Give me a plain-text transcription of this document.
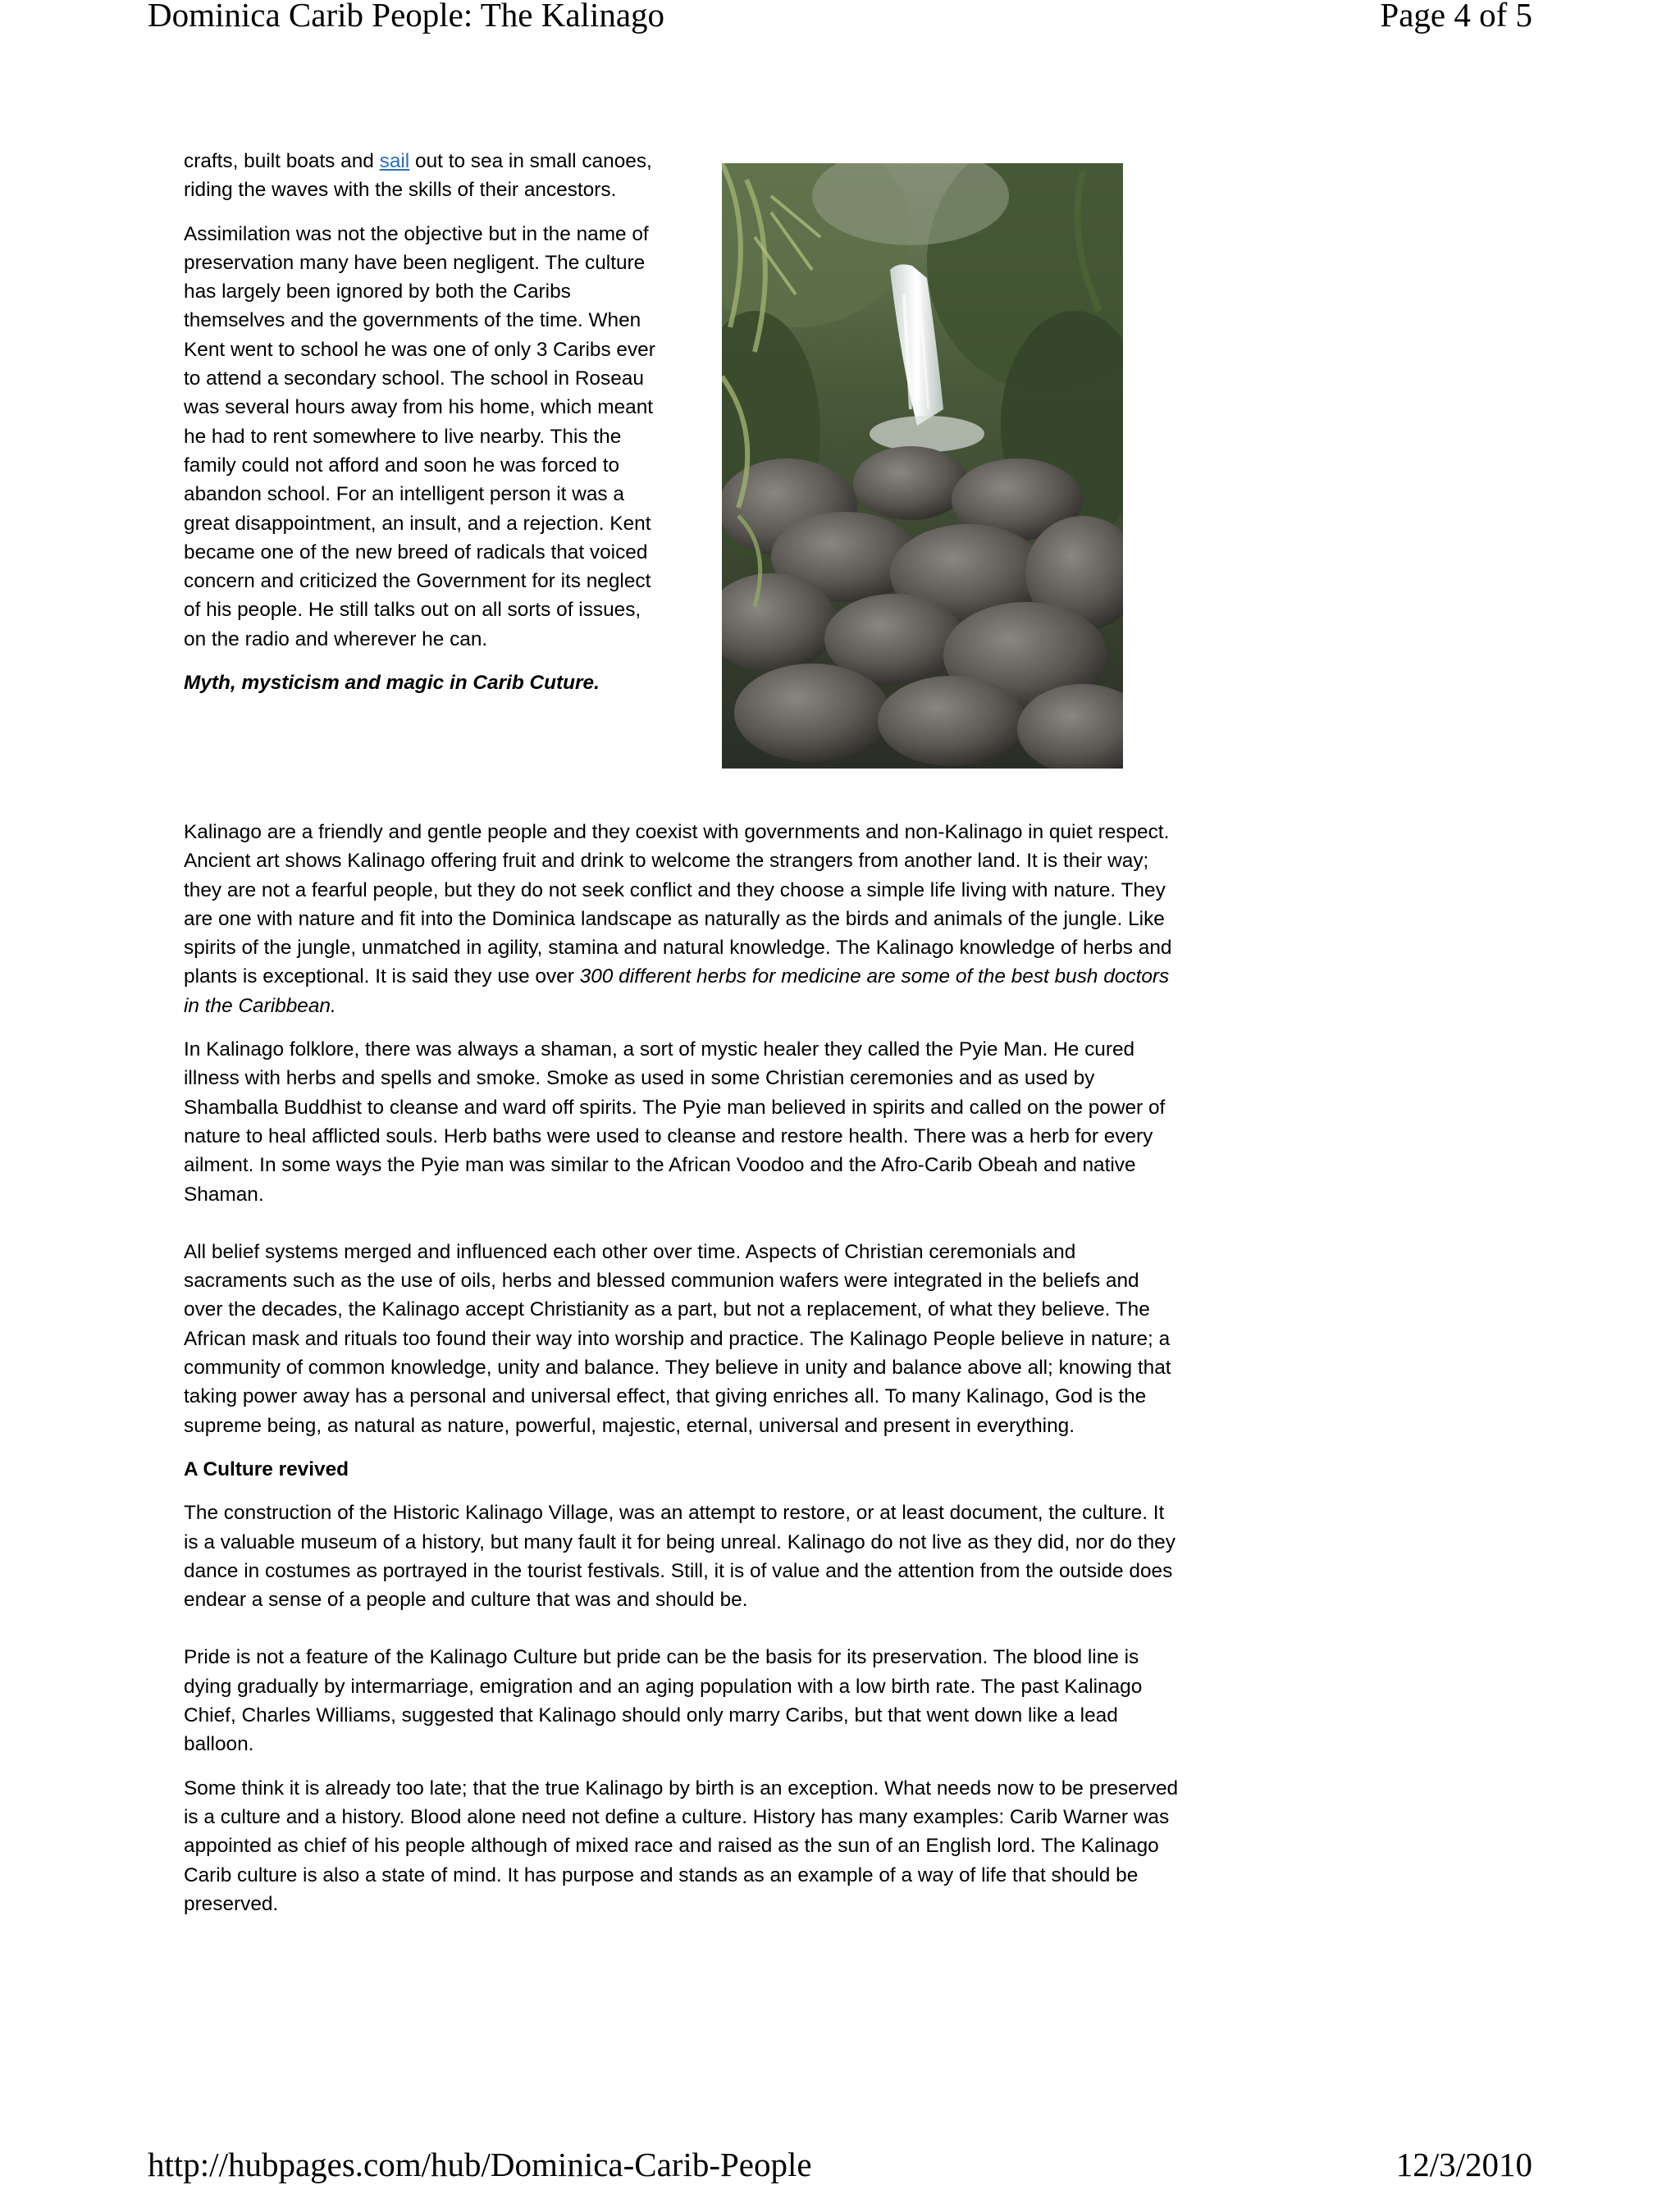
Dominica Carib People: The Kalinago	Page 4 of 5

crafts, built boats and sail out to sea in small canoes, riding the waves with the skills of their ancestors.

Assimilation was not the objective but in the name of preservation many have been negligent. The culture has largely been ignored by both the Caribs themselves and the governments of the time. When Kent went to school he was one of only 3 Caribs ever to attend a secondary school. The school in Roseau was several hours away from his home, which meant he had to rent somewhere to live nearby. This the family could not afford and soon he was forced to abandon school. For an intelligent person it was a great disappointment, an insult, and a rejection. Kent became one of the new breed of radicals that voiced concern and criticized the Government for its neglect of his people. He still talks out on all sorts of issues, on the radio and wherever he can.

Myth, mysticism and magic in Carib Cuture.

Kalinago are a friendly and gentle people and they coexist with governments and non-Kalinago in quiet respect. Ancient art shows Kalinago offering fruit and drink to welcome the strangers from another land. It is their way; they are not a fearful people, but they do not seek conflict and they choose a simple life living with nature. They are one with nature and fit into the Dominica landscape as naturally as the birds and animals of the jungle. Like spirits of the jungle, unmatched in agility, stamina and natural knowledge. The Kalinago knowledge of herbs and plants is exceptional. It is said they use over 300 different herbs for medicine are some of the best bush doctors in the Caribbean.

In Kalinago folklore, there was always a shaman, a sort of mystic healer they called the Pyie Man. He cured illness with herbs and spells and smoke. Smoke as used in some Christian ceremonies and as used by Shamballa Buddhist to cleanse and ward off spirits. The Pyie man believed in spirits and called on the power of nature to heal afflicted souls. Herb baths were used to cleanse and restore health. There was a herb for every ailment. In some ways the Pyie man was similar to the African Voodoo and the Afro-Carib Obeah and native Shaman.

All belief systems merged and influenced each other over time. Aspects of Christian ceremonials and sacraments such as the use of oils, herbs and blessed communion wafers were integrated in the beliefs and over the decades, the Kalinago accept Christianity as a part, but not a replacement, of what they believe. The African mask and rituals too found their way into worship and practice. The Kalinago People believe in nature; a community of common knowledge, unity and balance. They believe in unity and balance above all; knowing that taking power away has a personal and universal effect, that giving enriches all. To many Kalinago, God is the supreme being, as natural as nature, powerful, majestic, eternal, universal and present in everything.

A Culture revived

The construction of the Historic Kalinago Village, was an attempt to restore, or at least document, the culture. It is a valuable museum of a history, but many fault it for being unreal. Kalinago do not live as they did, nor do they dance in costumes as portrayed in the tourist festivals. Still, it is of value and the attention from the outside does endear a sense of a people and culture that was and should be.

Pride is not a feature of the Kalinago Culture but pride can be the basis for its preservation. The blood line is dying gradually by intermarriage, emigration and an aging population with a low birth rate. The past Kalinago Chief, Charles Williams, suggested that Kalinago should only marry Caribs, but that went down like a lead balloon.

Some think it is already too late; that the true Kalinago by birth is an exception. What needs now to be preserved is a culture and a history. Blood alone need not define a culture. History has many examples: Carib Warner was appointed as chief of his people although of mixed race and raised as the sun of an English lord. The Kalinago Carib culture is also a state of mind. It has purpose and stands as an example of a way of life that should be preserved.

http://hubpages.com/hub/Dominica-Carib-People	12/3/2010
